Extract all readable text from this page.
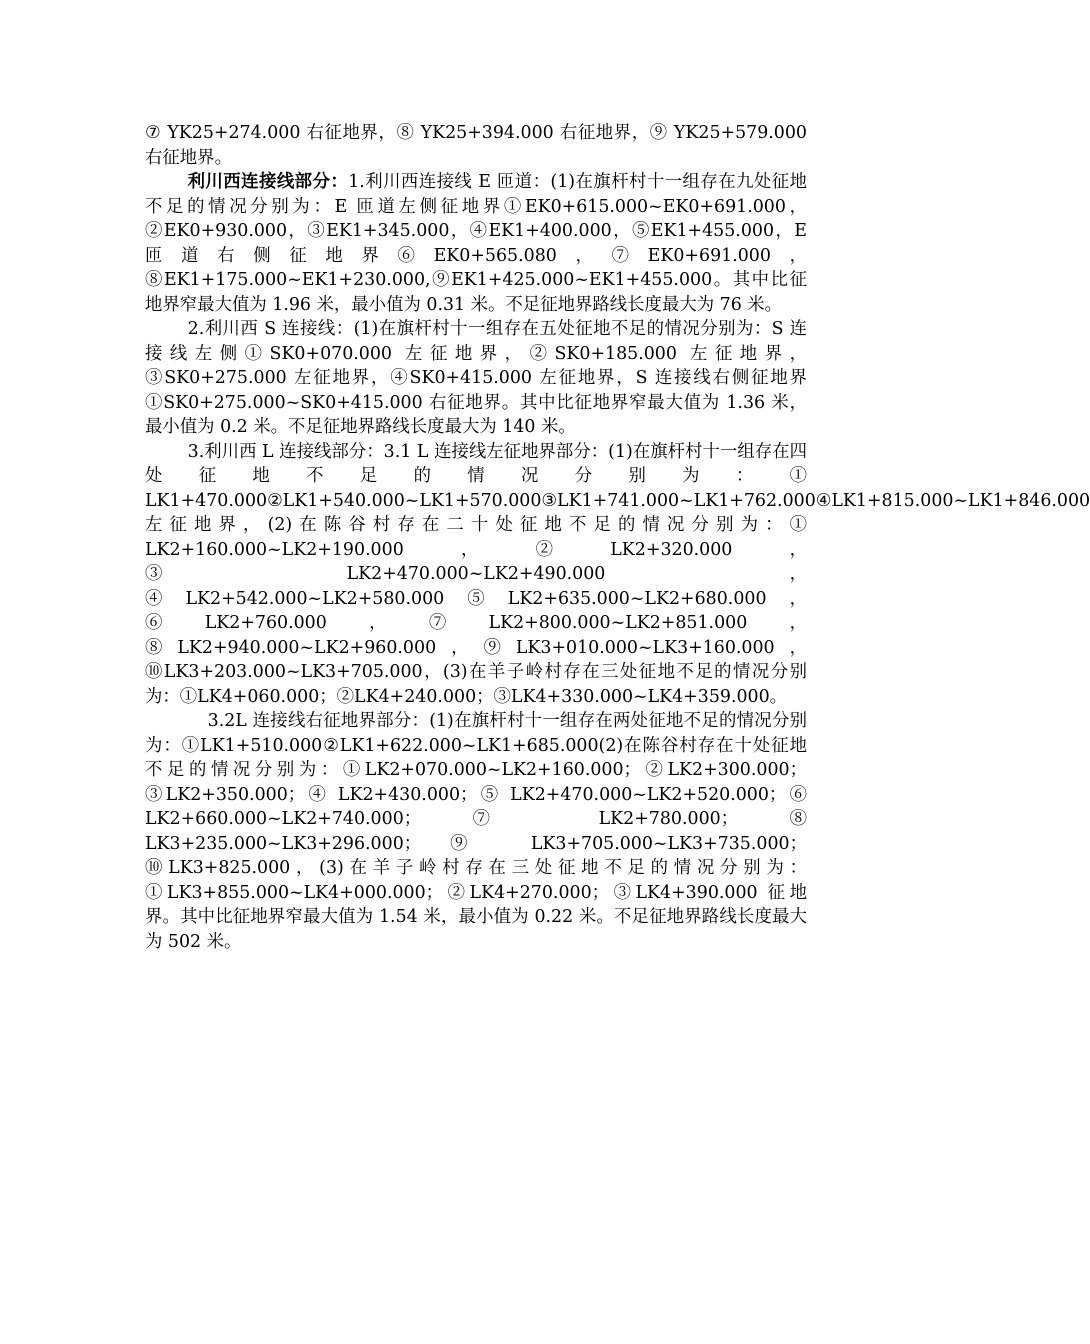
⑦ YK25+274.000 右征地界，⑧ YK25+394.000 右征地界，⑨ YK25+579.000 右征地界。

利川西连接线部分：1.利川西连接线 E 匝道：(1)在旗杆村十一组存在九处征地不足的情况分别为：E 匝道左侧征地界①EK0+615.000~EK0+691.000，②EK0+930.000，③EK1+345.000，④EK1+400.000，⑤EK1+455.000，E 匝道右侧征地界⑥EK0+565.080，⑦EK0+691.000，⑧EK1+175.000~EK1+230.000,⑨EK1+425.000~EK1+455.000。其中比征地界窄最大值为 1.96 米，最小值为 0.31 米。不足征地界路线长度最大为 76 米。

2.利川西 S 连接线：(1)在旗杆村十一组存在五处征地不足的情况分别为：S 连接线左侧①SK0+070.000 左征地界，②SK0+185.000 左征地界，③SK0+275.000 左征地界，④SK0+415.000 左征地界，S 连接线右侧征地界①SK0+275.000~SK0+415.000 右征地界。其中比征地界窄最大值为 1.36 米，最小值为 0.2 米。不足征地界路线长度最大为 140 米。

3.利川西 L 连接线部分：3.1 L 连接线左征地界部分：(1)在旗杆村十一组存在四处征地不足的情况分别为：① LK1+470.000②LK1+540.000~LK1+570.000③LK1+741.000~LK1+762.000④LK1+815.000~LK1+846.000 左征地界，(2)在陈谷村存在二十处征地不足的情况分别为：① LK2+160.000~LK2+190.000，②LK2+320.000，③LK2+470.000~LK2+490.000，④LK2+542.000~LK2+580.000⑤LK2+635.000~LK2+680.000，⑥LK2+760.000，⑦LK2+800.000~LK2+851.000，⑧LK2+940.000~LK2+960.000，⑨LK3+010.000~LK3+160.000，⑩LK3+203.000~LK3+705.000，(3)在羊子岭村存在三处征地不足的情况分别为：①LK4+060.000；②LK4+240.000；③LK4+330.000~LK4+359.000。

3.2L 连接线右征地界部分：(1)在旗杆村十一组存在两处征地不足的情况分别为：①LK1+510.000②LK1+622.000~LK1+685.000(2)在陈谷村存在十处征地不足的情况分别为：①LK2+070.000~LK2+160.000；②LK2+300.000；③LK2+350.000；④ LK2+430.000；⑤ LK2+470.000~LK2+520.000；⑥ LK2+660.000~LK2+740.000；⑦ LK2+780.000；⑧ LK3+235.000~LK3+296.000；⑨ LK3+705.000~LK3+735.000；⑩LK3+825.000，(3)在羊子岭村存在三处征地不足的情况分别为：①LK3+855.000~LK4+000.000；②LK4+270.000；③LK4+390.000 征地界。其中比征地界窄最大值为 1.54 米，最小值为 0.22 米。不足征地界路线长度最大为 502 米。
